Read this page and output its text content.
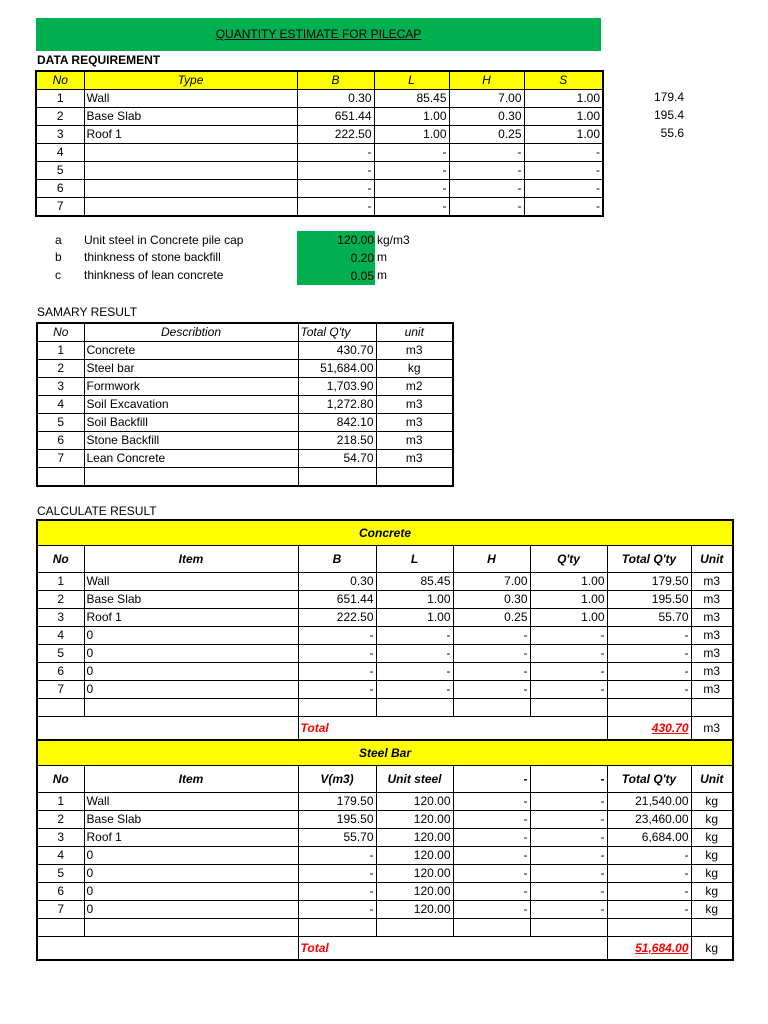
QUANTITY ESTIMATE FOR PILECAP
DATA REQUIREMENT
No	Type	B	L	H	S
1	Wall	0.30	85.45	7.00	1.00
2	Base Slab	651.44	1.00	0.30	1.00
3	Roof 1	222.50	1.00	0.25	1.00
4		-	-	-	-
5		-	-	-	-
6		-	-	-	-
7		-	-	-	-
179.4
195.4
55.6
a Unit steel in Concrete pile cap	120.00 kg/m3
b thinkness of stone backfill	0.20 m
c thinkness of lean concrete	0.05 m
SAMARY RESULT
No	Describtion	Total Q'ty	unit
1	Concrete	430.70	m3
2	Steel bar	51,684.00	kg
3	Formwork	1,703.90	m2
4	Soil Excavation	1,272.80	m3
5	Soil Backfill	842.10	m3
6	Stone Backfill	218.50	m3
7	Lean Concrete	54.70	m3

CALCULATE RESULT
Concrete							
No	Item	B	L	H	Q'ty	Total Q'ty	Unit
1	Wall	0.30	85.45	7.00	1.00	179.50	m3
2	Base Slab	651.44	1.00	0.30	1.00	195.50	m3
3	Roof 1	222.50	1.00	0.25	1.00	55.70	m3
4	0	-	-	-	-	-	m3
5	0	-	-	-	-	-	m3
6	0	-	-	-	-	-	m3
7	0	-	-	-	-	-	m3

		Total				430.70	m3
Steel Bar							
No	Item	V(m3)	Unit steel	-	-	Total Q'ty	Unit
1	Wall	179.50	120.00	-	-	21,540.00	kg
2	Base Slab	195.50	120.00	-	-	23,460.00	kg
3	Roof 1	55.70	120.00	-	-	6,684.00	kg
4	0	-	120.00	-	-	-	kg
5	0	-	120.00	-	-	-	kg
6	0	-	120.00	-	-	-	kg
7	0	-	120.00	-	-	-	kg

		Total				51,684.00	kg
